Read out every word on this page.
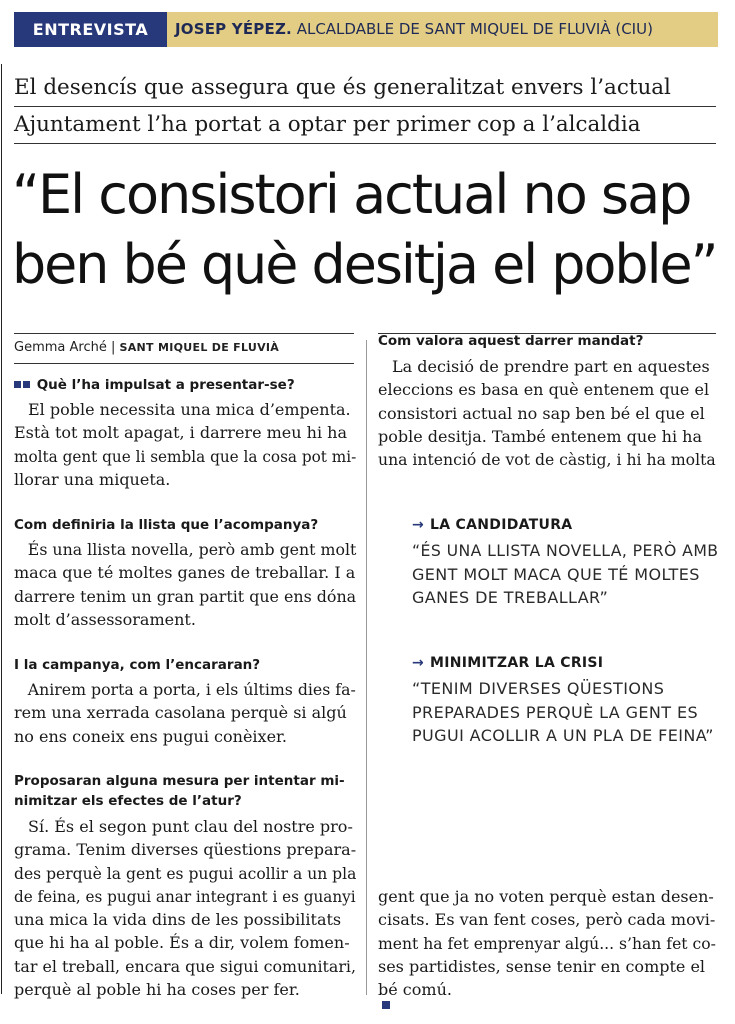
ENTREVISTA	JOSEP YÉPEZ. ALCALDABLE DE SANT MIQUEL DE FLUVIÀ (CIU)
El desencís que assegura que és generalitzat envers l’actual
Ajuntament l’ha portat a optar per primer cop a l’alcaldia
“El consistori actual no sap
ben bé què desitja el poble”
Gemma Arché | SANT MIQUEL DE FLUVIÀ
Què l’ha impulsat a presentar-se?
El poble necessita una mica d’empenta.
Està tot molt apagat, i darrere meu hi ha
molta gent que li sembla que la cosa pot mi-
llorar una miqueta.
Com definiria la llista que l’acompanya?
És una llista novella, però amb gent molt
maca que té moltes ganes de treballar. I a
darrere tenim un gran partit que ens dóna
molt d’assessorament.
I la campanya, com l’encararan?
Anirem porta a porta, i els últims dies fa-
rem una xerrada casolana perquè si algú
no ens coneix ens pugui conèixer.
Proposaran alguna mesura per intentar mi-
nimitzar els efectes de l’atur?
Sí. És el segon punt clau del nostre pro-
grama. Tenim diverses qüestions prepara-
des perquè la gent es pugui acollir a un pla
de feina, es pugui anar integrant i es guanyi
una mica la vida dins de les possibilitats
que hi ha al poble. És a dir, volem fomen-
tar el treball, encara que sigui comunitari,
perquè al poble hi ha coses per fer.
Com valora aquest darrer mandat?
La decisió de prendre part en aquestes
eleccions es basa en què entenem que el
consistori actual no sap ben bé el que el
poble desitja. També entenem que hi ha
una intenció de vot de càstig, i hi ha molta
→ LA CANDIDATURA
“ÉS UNA LLISTA NOVELLA, PERÒ AMB
GENT MOLT MACA QUE TÉ MOLTES
GANES DE TREBALLAR”
→ MINIMITZAR LA CRISI
“TENIM DIVERSES QÜESTIONS
PREPARADES PERQUÈ LA GENT ES
PUGUI ACOLLIR A UN PLA DE FEINA”
gent que ja no voten perquè estan desen-
cisats. Es van fent coses, però cada movi-
ment ha fet emprenyar algú... s’han fet co-
ses partidistes, sense tenir en compte el
bé comú.
